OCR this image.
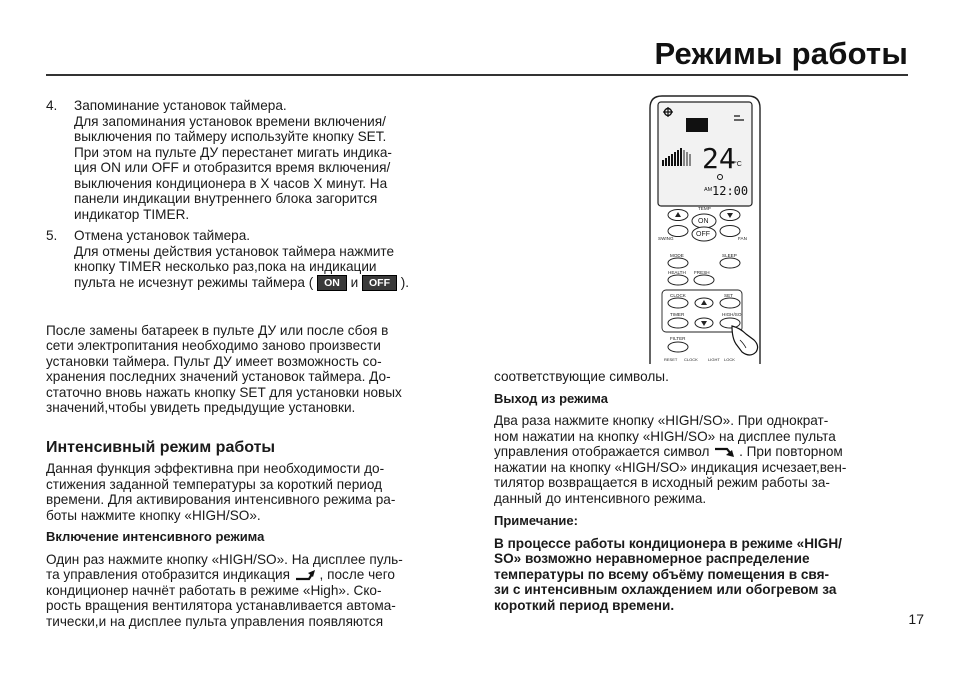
Режимы работы
4. Запоминание установок таймера.
Для запоминания установок времени включения/
выключения по таймеру используйте кнопку SET.
При этом на пульте ДУ перестанет мигать индика-
ция ON или OFF и отобразится время включения/
выключения кондиционера в X часов X минут. На
панели индикации внутреннего блока загорится
индикатор TIMER.
5. Отмена установок таймера.
Для отмены действия установок таймера нажмите
кнопку TIMER несколько раз,пока на индикации
пульта не исчезнут режимы таймера ( ON и OFF ).
После замены батареек в пульте ДУ или после сбоя в
сети электропитания необходимо заново произвести
установки таймера. Пульт ДУ имеет возможность со-
хранения последних значений установок таймера. До-
статочно вновь нажать кнопку SET для установки новых
значений,чтобы увидеть предыдущие установки.
Интенсивный режим работы
Данная функция эффективна при необходимости до-
стижения заданной температуры за короткий период
времени. Для активирования интенсивного режима ра-
боты нажмите кнопку «HIGH/SO».
Включение интенсивного режима
Один раз нажмите кнопку «HIGH/SO». На дисплее пуль-
та управления отобразится индикация , после чего
кондиционер начнёт работать в режиме «High». Ско-
рость вращения вентилятора устанавливается автома-
тически,и на дисплее пульта управления появляются
24
°C
AM 12:00
TEMP
ON
OFF
SWING	FAN
MODE	SLEEP
HEALTH FRESH
CLOCK	SET
TIMER	HIGH/SO
FILTER
RESET CLOCK	LIGHT LOCK
соответствующие символы.
Выход из режима
Два раза нажмите кнопку «HIGH/SO». При однократ-
ном нажатии на кнопку «HIGH/SO» на дисплее пульта
управления отображается символ . При повторном
нажатии на кнопку «HIGH/SO» индикация исчезает,вен-
тилятор возвращается в исходный режим работы за-
данный до интенсивного режима.
Примечание:
В процессе работы кондиционера в режиме «HIGH/
SO» возможно неравномерное распределение
температуры по всему объёму помещения в свя-
зи с интенсивным охлаждением или обогревом за
короткий период времени.
17
